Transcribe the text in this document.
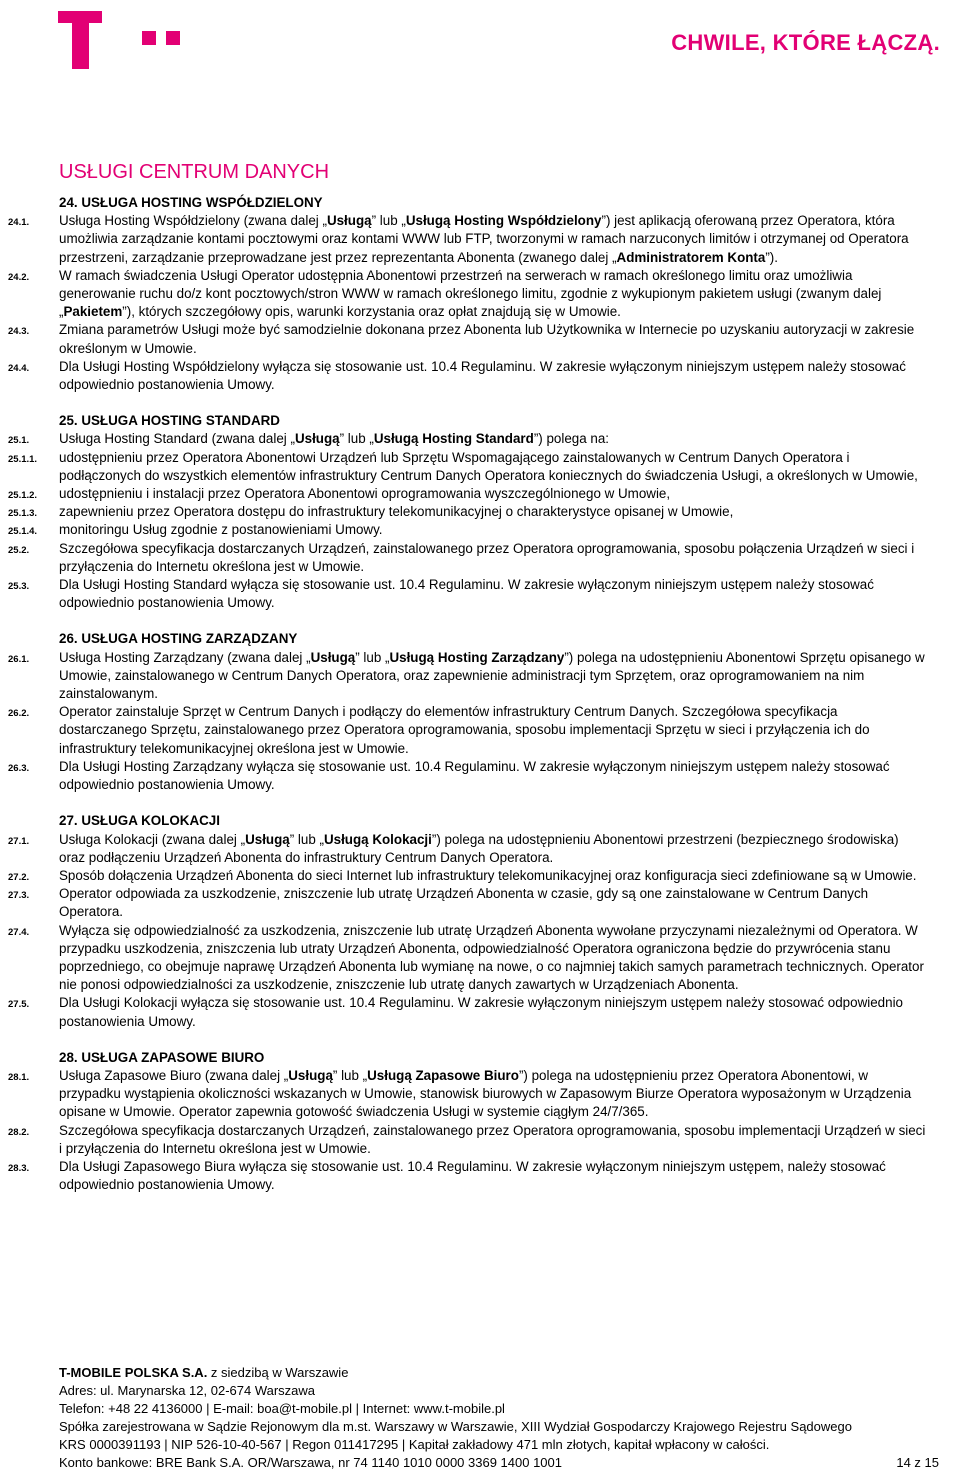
CHWILE, KTÓRE ŁĄCZĄ.
USŁUGI CENTRUM DANYCH
24. USŁUGA HOSTING WSPÓŁDZIELONY
24.1. Usługa Hosting Współdzielony (zwana dalej „Usługą” lub „Usługą Hosting Współdzielony”) jest aplikacją oferowaną przez Operatora, która umożliwia zarządzanie kontami pocztowymi oraz kontami WWW lub FTP, tworzonymi w ramach narzuconych limitów i otrzymanej od Operatora przestrzeni, zarządzanie przeprowadzane jest przez reprezentanta Abonenta (zwanego dalej „Administratorem Konta”).
24.2. W ramach świadczenia Usługi Operator udostępnia Abonentowi przestrzeń na serwerach w ramach określonego limitu oraz umożliwia generowanie ruchu do/z kont pocztowych/stron WWW w ramach określonego limitu, zgodnie z wykupionym pakietem usługi (zwanym dalej „Pakietem”), których szczegółowy opis, warunki korzystania oraz opłat znajdują się w Umowie.
24.3. Zmiana parametrów Usługi może być samodzielnie dokonana przez Abonenta lub Użytkownika w Internecie po uzyskaniu autoryzacji w zakresie określonym w Umowie.
24.4. Dla Usługi Hosting Współdzielony wyłącza się stosowanie ust. 10.4 Regulaminu. W zakresie wyłączonym niniejszym ustępem należy stosować odpowiednio postanowienia Umowy.
25. USŁUGA HOSTING STANDARD
25.1. Usługa Hosting Standard (zwana dalej „Usługą” lub „Usługą Hosting Standard”) polega na:
25.1.1. udostępnieniu przez Operatora Abonentowi Urządzeń lub Sprzętu Wspomagającego zainstalowanych w Centrum Danych Operatora i podłączonych do wszystkich elementów infrastruktury Centrum Danych Operatora koniecznych do świadczenia Usługi, a określonych w Umowie,
25.1.2. udostępnieniu i instalacji przez Operatora Abonentowi oprogramowania wyszczególnionego w Umowie,
25.1.3. zapewnieniu przez Operatora dostępu do infrastruktury telekomunikacyjnej o charakterystyce opisanej w Umowie,
25.1.4. monitoringu Usług zgodnie z postanowieniami Umowy.
25.2. Szczegółowa specyfikacja dostarczanych Urządzeń, zainstalowanego przez Operatora oprogramowania, sposobu połączenia Urządzeń w sieci i przyłączenia do Internetu określona jest w Umowie.
25.3. Dla Usługi Hosting Standard wyłącza się stosowanie ust. 10.4 Regulaminu. W zakresie wyłączonym niniejszym ustępem należy stosować odpowiednio postanowienia Umowy.
26. USŁUGA HOSTING ZARZĄDZANY
26.1. Usługa Hosting Zarządzany (zwana dalej „Usługą” lub „Usługą Hosting Zarządzany”) polega na udostępnieniu Abonentowi Sprzętu opisanego w Umowie, zainstalowanego w Centrum Danych Operatora, oraz zapewnienie administracji tym Sprzętem, oraz oprogramowaniem na nim zainstalowanym.
26.2. Operator zainstaluje Sprzęt w Centrum Danych i podłączy do elementów infrastruktury Centrum Danych. Szczegółowa specyfikacja dostarczanego Sprzętu, zainstalowanego przez Operatora oprogramowania, sposobu implementacji Sprzętu w sieci i przyłączenia ich do infrastruktury telekomunikacyjnej określona jest w Umowie.
26.3. Dla Usługi Hosting Zarządzany wyłącza się stosowanie ust. 10.4 Regulaminu. W zakresie wyłączonym niniejszym ustępem należy stosować odpowiednio postanowienia Umowy.
27. USŁUGA KOLOKACJI
27.1. Usługa Kolokacji (zwana dalej „Usługą” lub „Usługą Kolokacji”) polega na udostępnieniu Abonentowi przestrzeni (bezpiecznego środowiska) oraz podłączeniu Urządzeń Abonenta do infrastruktury Centrum Danych Operatora.
27.2. Sposób dołączenia Urządzeń Abonenta do sieci Internet lub infrastruktury telekomunikacyjnej oraz konfiguracja sieci zdefiniowane są w Umowie.
27.3. Operator odpowiada za uszkodzenie, zniszczenie lub utratę Urządzeń Abonenta w czasie, gdy są one zainstalowane w Centrum Danych Operatora.
27.4. Wyłącza się odpowiedzialność za uszkodzenia, zniszczenie lub utratę Urządzeń Abonenta wywołane przyczynami niezależnymi od Operatora. W przypadku uszkodzenia, zniszczenia lub utraty Urządzeń Abonenta, odpowiedzialność Operatora ograniczona będzie do przywrócenia stanu poprzedniego, co obejmuje naprawę Urządzeń Abonenta lub wymianę na nowe, o co najmniej takich samych parametrach technicznych. Operator nie ponosi odpowiedzialności za uszkodzenie, zniszczenie lub utratę danych zawartych w Urządzeniach Abonenta.
27.5. Dla Usługi Kolokacji wyłącza się stosowanie ust. 10.4 Regulaminu. W zakresie wyłączonym niniejszym ustępem należy stosować odpowiednio postanowienia Umowy.
28. USŁUGA ZAPASOWE BIURO
28.1. Usługa Zapasowe Biuro (zwana dalej „Usługą” lub „Usługą Zapasowe Biuro”) polega na udostępnieniu przez Operatora Abonentowi, w przypadku wystąpienia okoliczności wskazanych w Umowie, stanowisk biurowych w Zapasowym Biurze Operatora wyposażonym w Urządzenia opisane w Umowie. Operator zapewnia gotowość świadczenia Usługi w systemie ciągłym 24/7/365.
28.2. Szczegółowa specyfikacja dostarczanych Urządzeń, zainstalowanego przez Operatora oprogramowania, sposobu implementacji Urządzeń w sieci i przyłączenia do Internetu określona jest w Umowie.
28.3. Dla Usługi Zapasowego Biura wyłącza się stosowanie ust. 10.4 Regulaminu. W zakresie wyłączonym niniejszym ustępem, należy stosować odpowiednio postanowienia Umowy.
T-MOBILE POLSKA S.A. z siedzibą w Warszawie
Adres: ul. Marynarska 12, 02-674 Warszawa
Telefon: +48 22 4136000 | E-mail: boa@t-mobile.pl | Internet: www.t-mobile.pl
Spółka zarejestrowana w Sądzie Rejonowym dla m.st. Warszawy w Warszawie, XIII Wydział Gospodarczy Krajowego Rejestru Sądowego
KRS 0000391193 | NIP 526-10-40-567 | Regon 011417295 | Kapitał zakładowy 471 mln złotych, kapitał wpłacony w całości.
Konto bankowe: BRE Bank S.A. OR/Warszawa, nr 74 1140 1010 0000 3369 1400 1001	14 z 15
